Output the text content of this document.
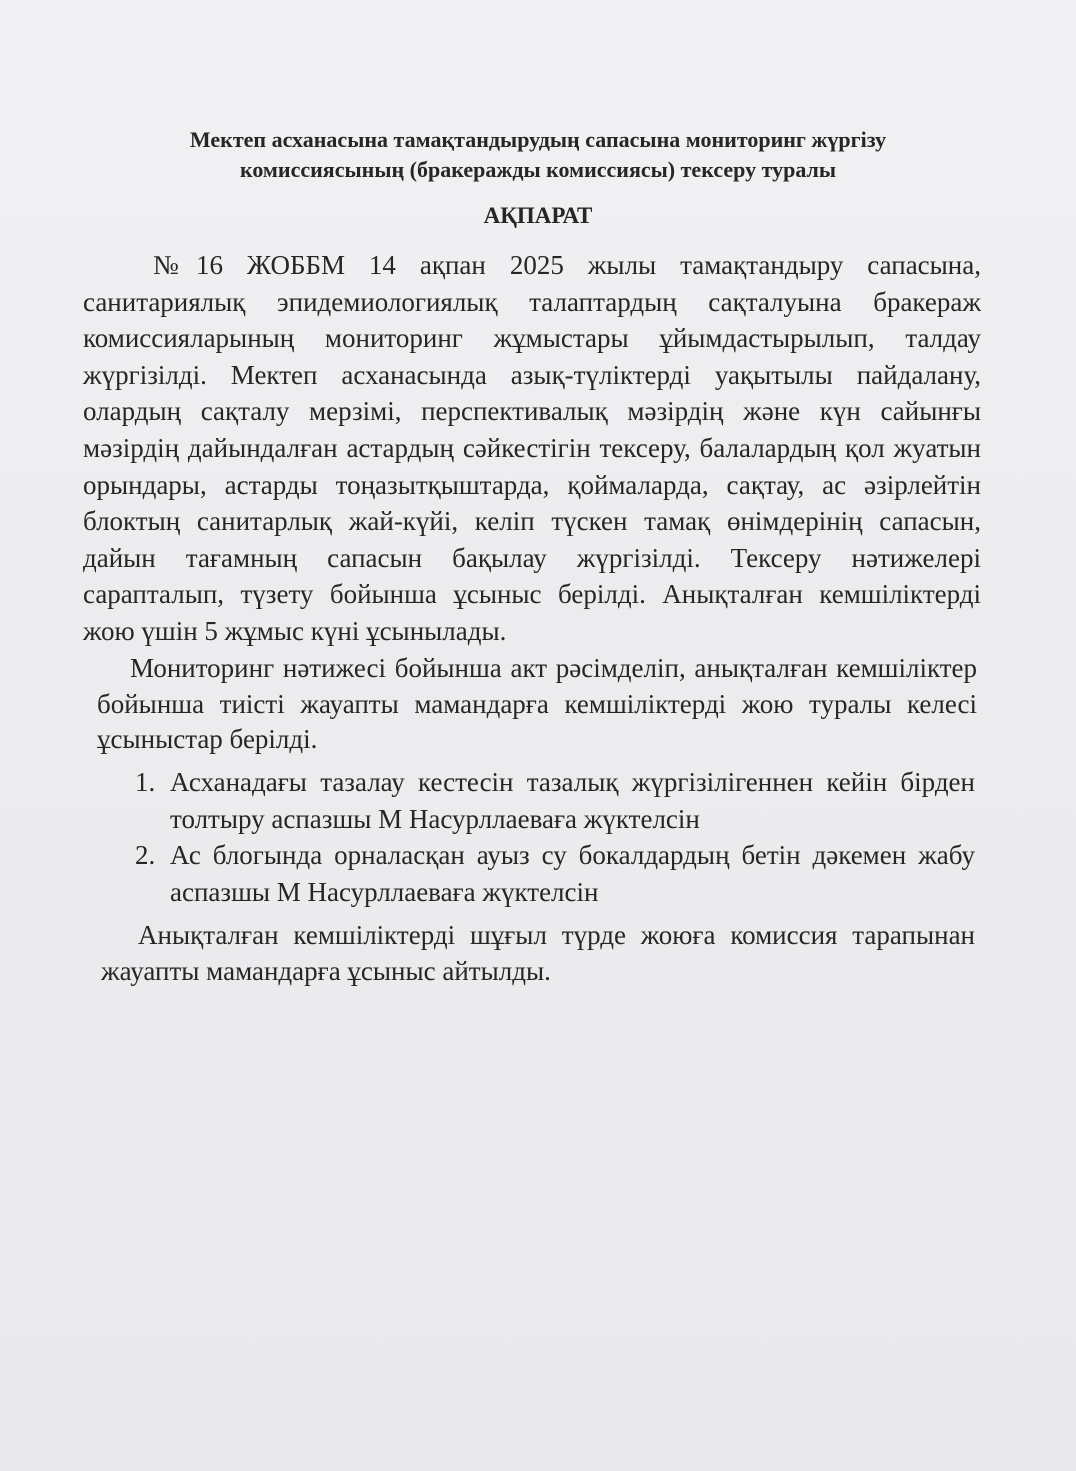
Мектеп асханасына тамақтандырудың сапасына мониторинг жүргізу
комиссиясының (бракеражды комиссиясы) тексеру туралы
АҚПАРАТ

№16 ЖОББМ 14 ақпан 2025 жылы тамақтандыру сапасына, санитариялық эпидемиологиялық талаптардың сақталуына бракераж комиссияларының мониторинг жұмыстары ұйымдастырылып, талдау жүргізілді. Мектеп асханасында азық-түліктерді уақытылы пайдалану, олардың сақталу мерзімі, перспективалық мәзірдің және күн сайынғы мәзірдің дайындалған астардың сәйкестігін тексеру, балалардың қол жуатын орындары, астарды тоңазытқыштарда, қоймаларда, сақтау, ас әзірлейтін блоктың санитарлық жай-күйі, келіп түскен тамақ өнімдерінің сапасын, дайын тағамның сапасын бақылау жүргізілді. Тексеру нәтижелері сарапталып, түзету бойынша ұсыныс берілді. Анықталған кемшіліктерді жою үшін 5 жұмыс күні ұсынылады.

Мониторинг нәтижесі бойынша акт рәсімделіп, анықталған кемшіліктер бойынша тиісті жауапты мамандарға кемшіліктерді жою туралы келесі ұсыныстар берілді.

1. Асханадағы тазалау кестесін тазалық жүргізілігеннен кейін бірден толтыру аспазшы М Насурллаеваға жүктелсін
2. Ас блогында орналасқан ауыз су бокалдардың бетін дәкемен жабу аспазшы М Насурллаеваға жүктелсін

Анықталған кемшіліктерді шұғыл түрде жоюға комиссия тарапынан жауапты мамандарға ұсыныс айтылды.
